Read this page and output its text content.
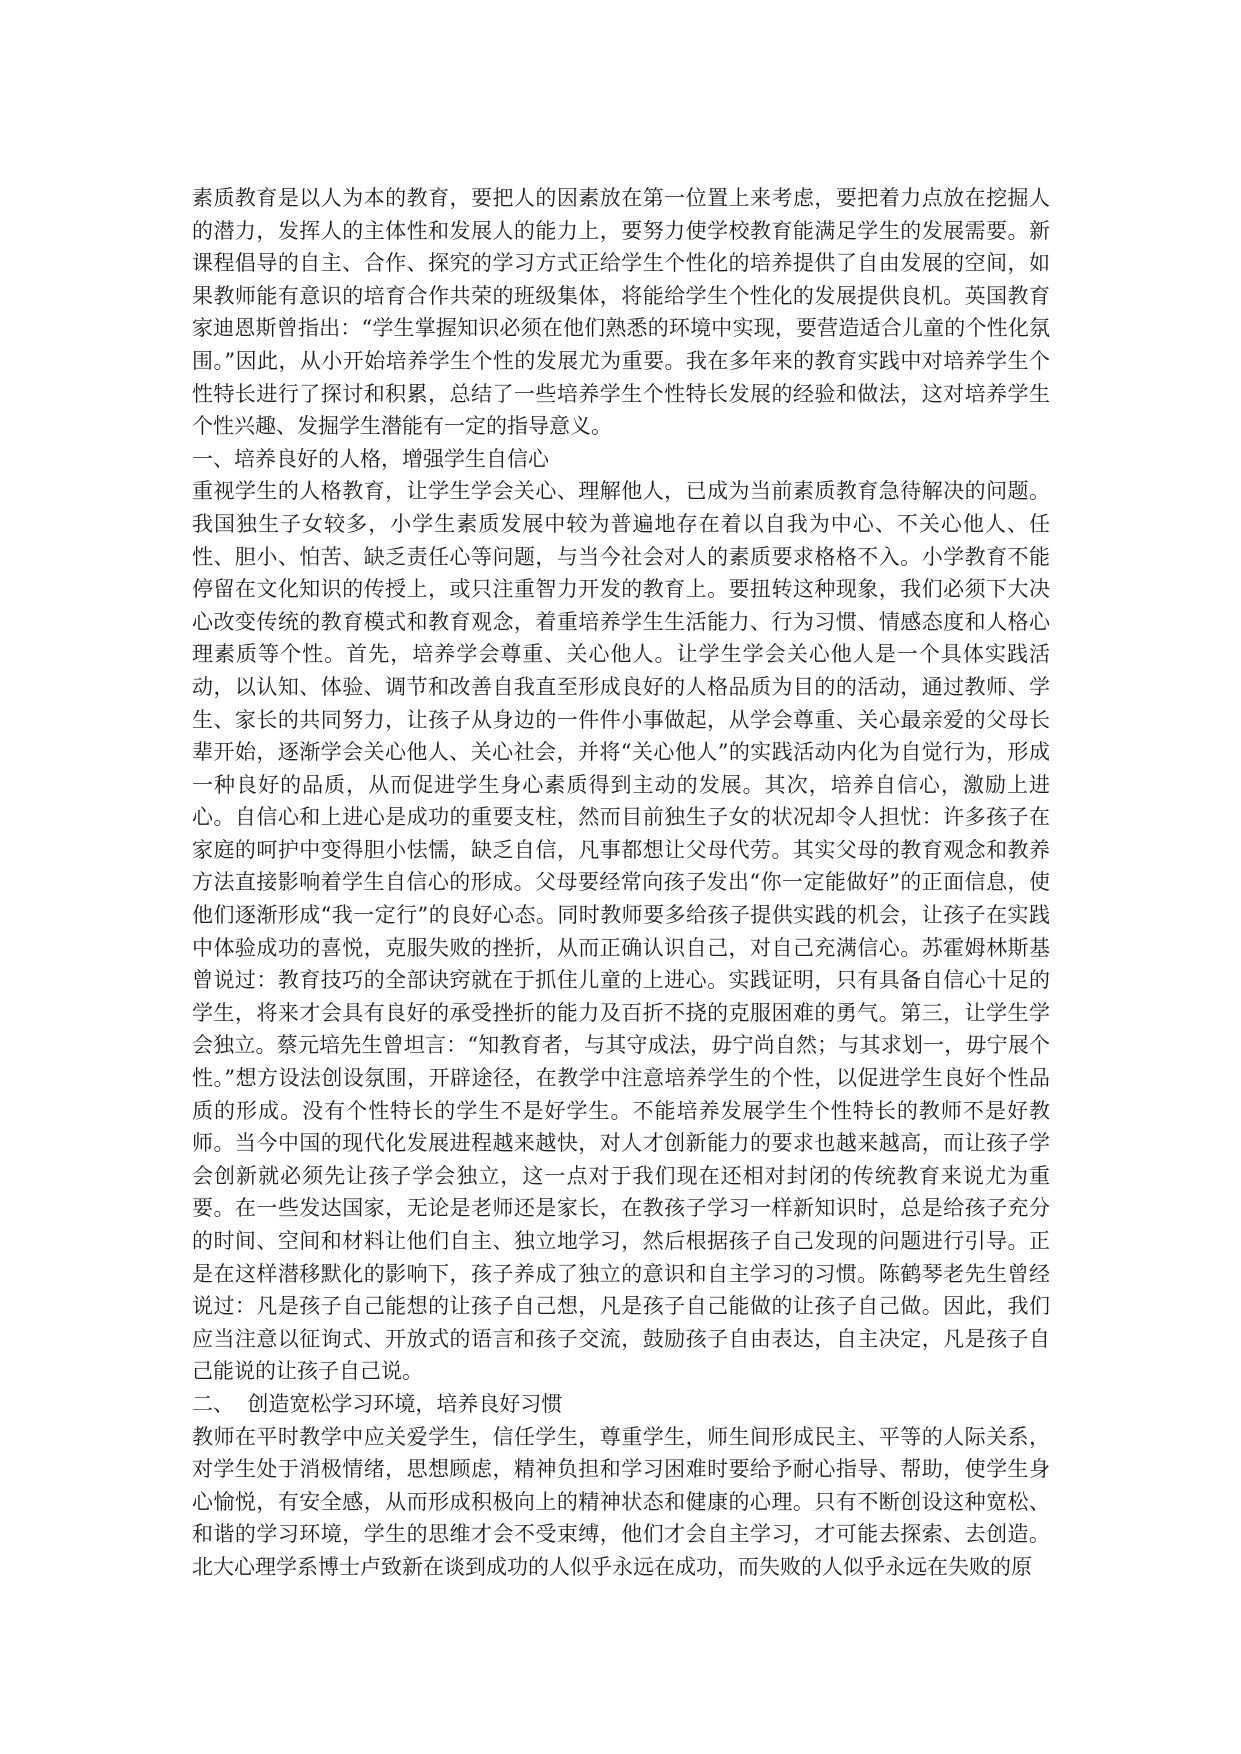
素质教育是以人为本的教育，要把人的因素放在第一位置上来考虑，要把着力点放在挖掘人的潜力，发挥人的主体性和发展人的能力上，要努力使学校教育能满足学生的发展需要。新课程倡导的自主、合作、探究的学习方式正给学生个性化的培养提供了自由发展的空间，如果教师能有意识的培育合作共荣的班级集体，将能给学生个性化的发展提供良机。英国教育家迪恩斯曾指出：“学生掌握知识必须在他们熟悉的环境中实现，要营造适合儿童的个性化氛围。”因此，从小开始培养学生个性的发展尤为重要。我在多年来的教育实践中对培养学生个性特长进行了探讨和积累，总结了一些培养学生个性特长发展的经验和做法，这对培养学生个性兴趣、发掘学生潜能有一定的指导意义。

一、培养良好的人格，增强学生自信心

重视学生的人格教育，让学生学会关心、理解他人，已成为当前素质教育急待解决的问题。我国独生子女较多，小学生素质发展中较为普遍地存在着以自我为中心、不关心他人、任性、胆小、怕苦、缺乏责任心等问题，与当今社会对人的素质要求格格不入。小学教育不能停留在文化知识的传授上，或只注重智力开发的教育上。要扭转这种现象，我们必须下大决心改变传统的教育模式和教育观念，着重培养学生生活能力、行为习惯、情感态度和人格心理素质等个性。首先，培养学会尊重、关心他人。让学生学会关心他人是一个具体实践活动，以认知、体验、调节和改善自我直至形成良好的人格品质为目的的活动，通过教师、学生、家长的共同努力，让孩子从身边的一件件小事做起，从学会尊重、关心最亲爱的父母长辈开始，逐渐学会关心他人、关心社会，并将“关心他人”的实践活动内化为自觉行为，形成一种良好的品质，从而促进学生身心素质得到主动的发展。其次，培养自信心，激励上进心。自信心和上进心是成功的重要支柱，然而目前独生子女的状况却令人担忧：许多孩子在家庭的呵护中变得胆小怯懦，缺乏自信，凡事都想让父母代劳。其实父母的教育观念和教养方法直接影响着学生自信心的形成。父母要经常向孩子发出“你一定能做好”的正面信息，使他们逐渐形成“我一定行”的良好心态。同时教师要多给孩子提供实践的机会，让孩子在实践中体验成功的喜悦，克服失败的挫折，从而正确认识自己，对自己充满信心。苏霍姆林斯基曾说过：教育技巧的全部诀窍就在于抓住儿童的上进心。实践证明，只有具备自信心十足的学生，将来才会具有良好的承受挫折的能力及百折不挠的克服困难的勇气。第三，让学生学会独立。蔡元培先生曾坦言：“知教育者，与其守成法，毋宁尚自然；与其求划一，毋宁展个性。”想方设法创设氛围，开辟途径，在教学中注意培养学生的个性，以促进学生良好个性品质的形成。没有个性特长的学生不是好学生。不能培养发展学生个性特长的教师不是好教师。当今中国的现代化发展进程越来越快，对人才创新能力的要求也越来越高，而让孩子学会创新就必须先让孩子学会独立，这一点对于我们现在还相对封闭的传统教育来说尤为重要。在一些发达国家，无论是老师还是家长，在教孩子学习一样新知识时，总是给孩子充分的时间、空间和材料让他们自主、独立地学习，然后根据孩子自己发现的问题进行引导。正是在这样潜移默化的影响下，孩子养成了独立的意识和自主学习的习惯。陈鹤琴老先生曾经说过：凡是孩子自己能想的让孩子自己想，凡是孩子自己能做的让孩子自己做。因此，我们应当注意以征询式、开放式的语言和孩子交流，鼓励孩子自由表达，自主决定，凡是孩子自己能说的让孩子自己说。

二、  创造宽松学习环境，培养良好习惯

教师在平时教学中应关爱学生，信任学生，尊重学生，师生间形成民主、平等的人际关系，对学生处于消极情绪，思想顾虑，精神负担和学习困难时要给予耐心指导、帮助，使学生身心愉悦，有安全感，从而形成积极向上的精神状态和健康的心理。只有不断创设这种宽松、和谐的学习环境，学生的思维才会不受束缚，他们才会自主学习，才可能去探索、去创造。北大心理学系博士卢致新在谈到成功的人似乎永远在成功，而失败的人似乎永远在失败的原
